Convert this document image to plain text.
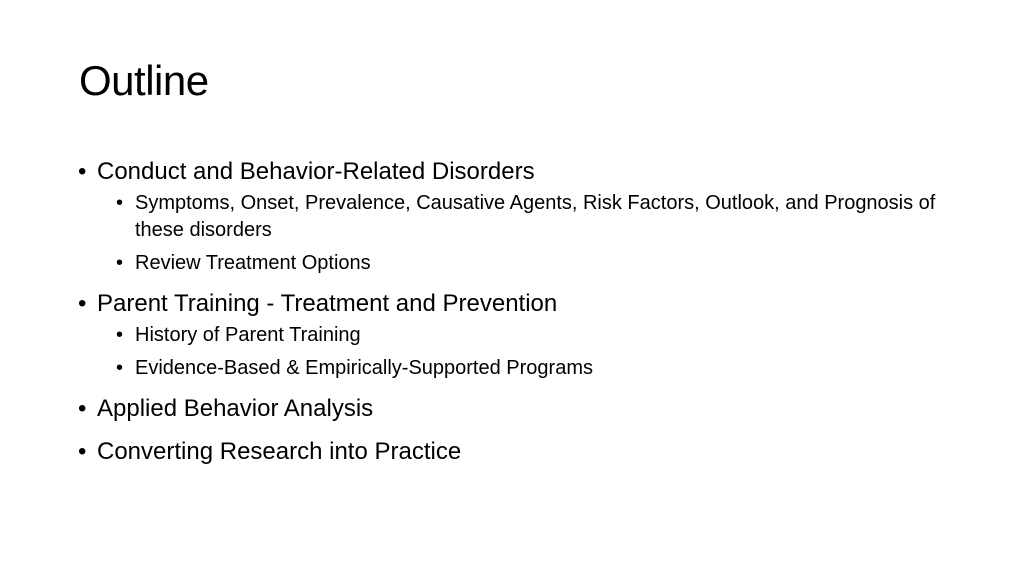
Outline
• Conduct and Behavior-Related Disorders
• Symptoms, Onset, Prevalence, Causative Agents, Risk Factors, Outlook, and Prognosis of these disorders
• Review Treatment Options
• Parent Training - Treatment and Prevention
• History of Parent Training
• Evidence-Based & Empirically-Supported Programs
• Applied Behavior Analysis
• Converting Research into Practice
